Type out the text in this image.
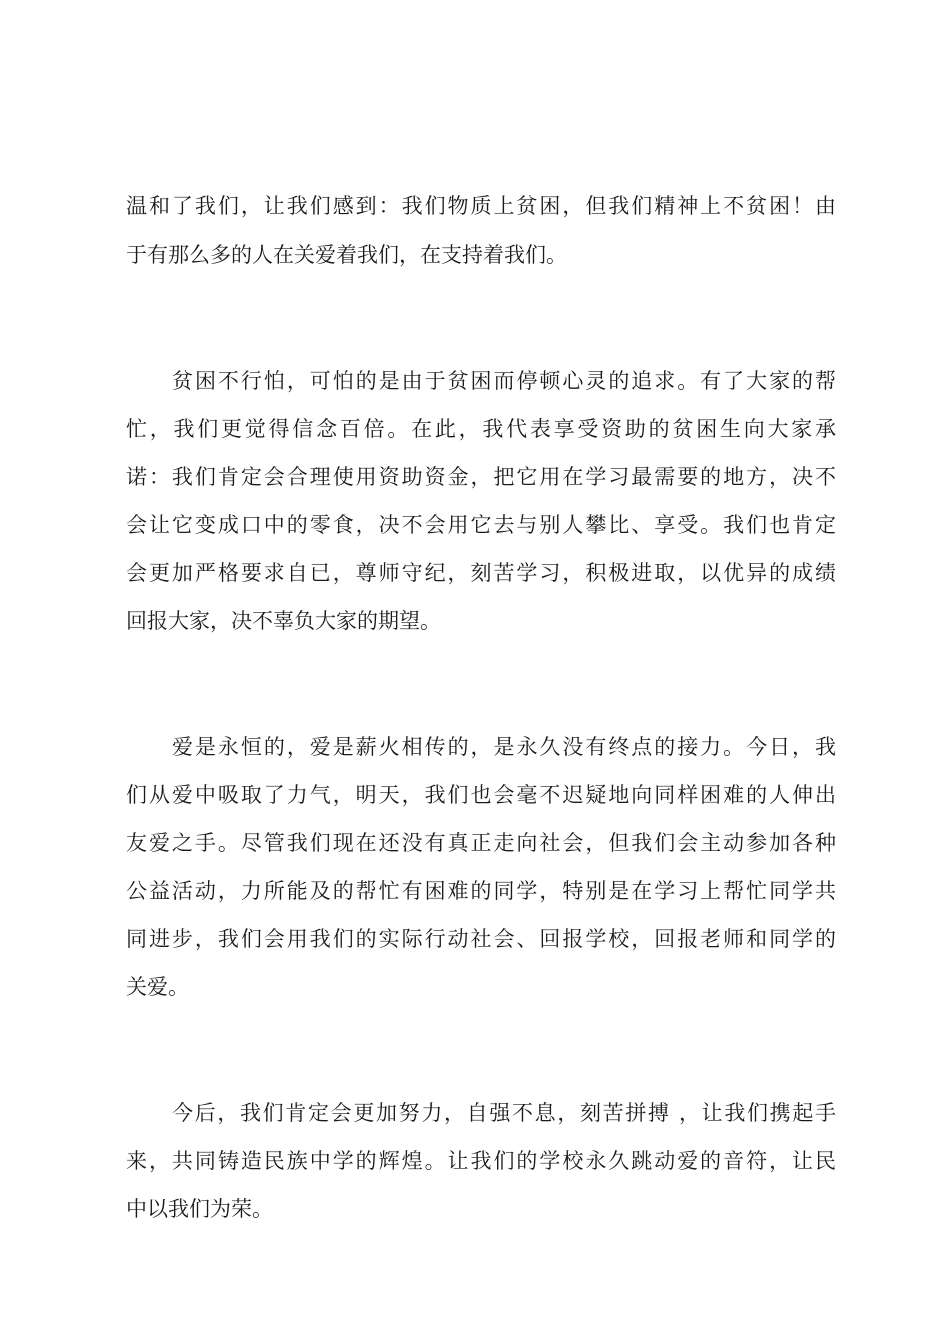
温和了我们，让我们感到：我们物质上贫困，但我们精神上不贫困！由
于有那么多的人在关爱着我们，在支持着我们。
贫困不行怕，可怕的是由于贫困而停顿心灵的追求。有了大家的帮
忙，我们更觉得信念百倍。在此，我代表享受资助的贫困生向大家承
诺：我们肯定会合理使用资助资金，把它用在学习最需要的地方，决不
会让它变成口中的零食，决不会用它去与别人攀比、享受。我们也肯定
会更加严格要求自已，尊师守纪，刻苦学习，积极进取，以优异的成绩
回报大家，决不辜负大家的期望。
爱是永恒的，爱是薪火相传的，是永久没有终点的接力。今日，我
们从爱中吸取了力气，明天，我们也会毫不迟疑地向同样困难的人伸出
友爱之手。尽管我们现在还没有真正走向社会，但我们会主动参加各种
公益活动，力所能及的帮忙有困难的同学，特别是在学习上帮忙同学共
同进步，我们会用我们的实际行动社会、回报学校，回报老师和同学的
关爱。
今后，我们肯定会更加努力，自强不息，刻苦拼搏 ，让我们携起手
来，共同铸造民族中学的辉煌。让我们的学校永久跳动爱的音符，让民
中以我们为荣。
